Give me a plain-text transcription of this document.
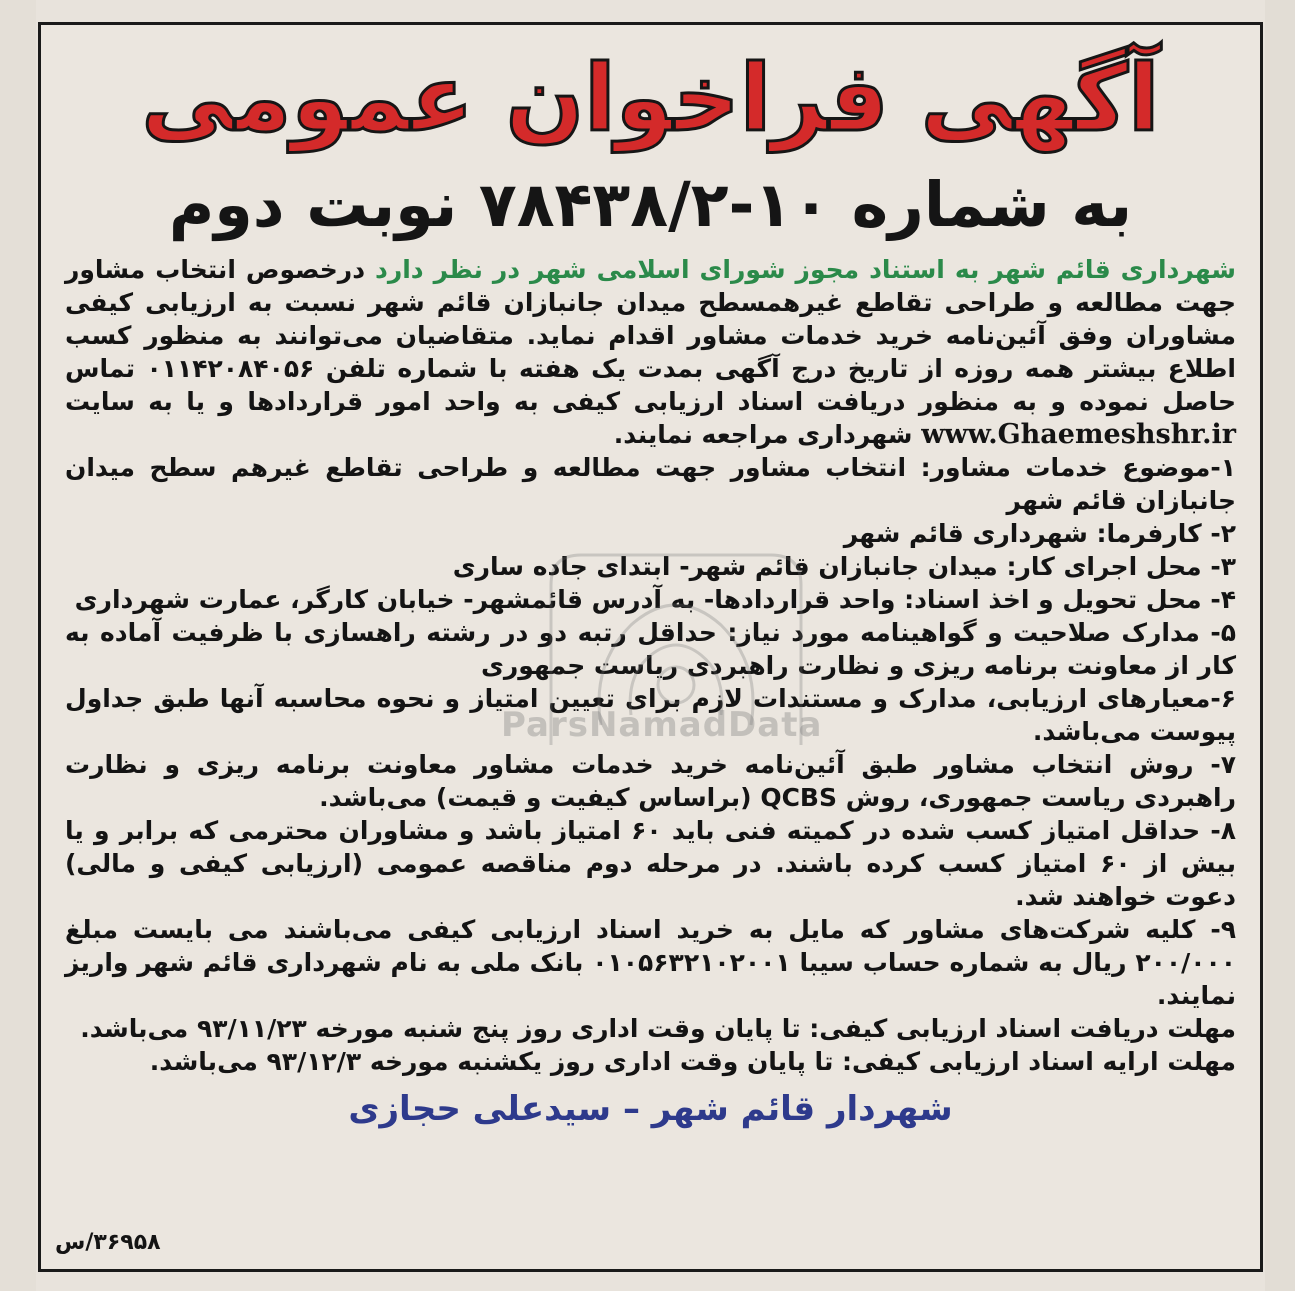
آگهی فراخوان عمومی
به شماره ۱۰-۷۸۴۳۸/۲ نوبت دوم

شهرداری قائم شهر به استناد مجوز شورای اسلامی شهر در نظر دارد درخصوص انتخاب مشاور جهت مطالعه و طراحی تقاطع غیرهمسطح میدان جانبازان قائم شهر نسبت به ارزیابی کیفی مشاوران وفق آئین‌نامه خرید خدمات مشاور اقدام نماید. متقاضیان می‌توانند به منظور کسب اطلاع بیشتر همه روزه از تاریخ درج آگهی بمدت یک هفته با شماره تلفن ۰۱۱۴۲۰۸۴۰۵۶ تماس حاصل نموده و به منظور دریافت اسناد ارزیابی کیفی به واحد امور قراردادها و یا به سایت www.Ghaemeshshr.ir شهرداری مراجعه نمایند.

۱-موضوع خدمات مشاور: انتخاب مشاور جهت مطالعه و طراحی تقاطع غیرهم سطح میدان جانبازان قائم شهر
۲- کارفرما: شهرداری قائم شهر
۳- محل اجرای کار: میدان جانبازان قائم شهر- ابتدای جاده ساری
۴- محل تحویل و اخذ اسناد: واحد قراردادها- به آدرس قائمشهر- خیابان کارگر، عمارت شهرداری
۵- مدارک صلاحیت و گواهینامه مورد نیاز: حداقل رتبه دو در رشته راهسازی با ظرفیت آماده به کار از معاونت برنامه ریزی و نظارت راهبردی ریاست جمهوری
۶-معیارهای ارزیابی، مدارک و مستندات لازم برای تعیین امتیاز و نحوه محاسبه آنها طبق جداول پیوست می‌باشد.
۷- روش انتخاب مشاور طبق آئین‌نامه خرید خدمات مشاور معاونت برنامه ریزی و نظارت راهبردی ریاست جمهوری، روش QCBS (براساس کیفیت و قیمت) می‌باشد.
۸- حداقل امتیاز کسب شده در کمیته فنی باید ۶۰ امتیاز باشد و مشاوران محترمی که برابر و یا بیش از ۶۰ امتیاز کسب کرده باشند. در مرحله دوم مناقصه عمومی (ارزیابی کیفی و مالی) دعوت خواهند شد.
۹- کلیه شرکت‌های مشاور که مایل به خرید اسناد ارزیابی کیفی می‌باشند می بایست مبلغ ۲۰۰/۰۰۰ ریال به شماره حساب سیبا ۰۱۰۵۶۳۲۱۰۲۰۰۱ بانک ملی به نام شهرداری قائم شهر واریز نمایند.

مهلت دریافت اسناد ارزیابی کیفی: تا پایان وقت اداری روز پنج شنبه مورخه ۹۳/۱۱/۲۳ می‌باشد.

مهلت ارایه اسناد ارزیابی کیفی: تا پایان وقت اداری روز یکشنبه مورخه ۹۳/۱۲/۳ می‌باشد.

شهردار قائم شهر – سیدعلی حجازی
ParsNamadData
۳۶۹۵۸/س
